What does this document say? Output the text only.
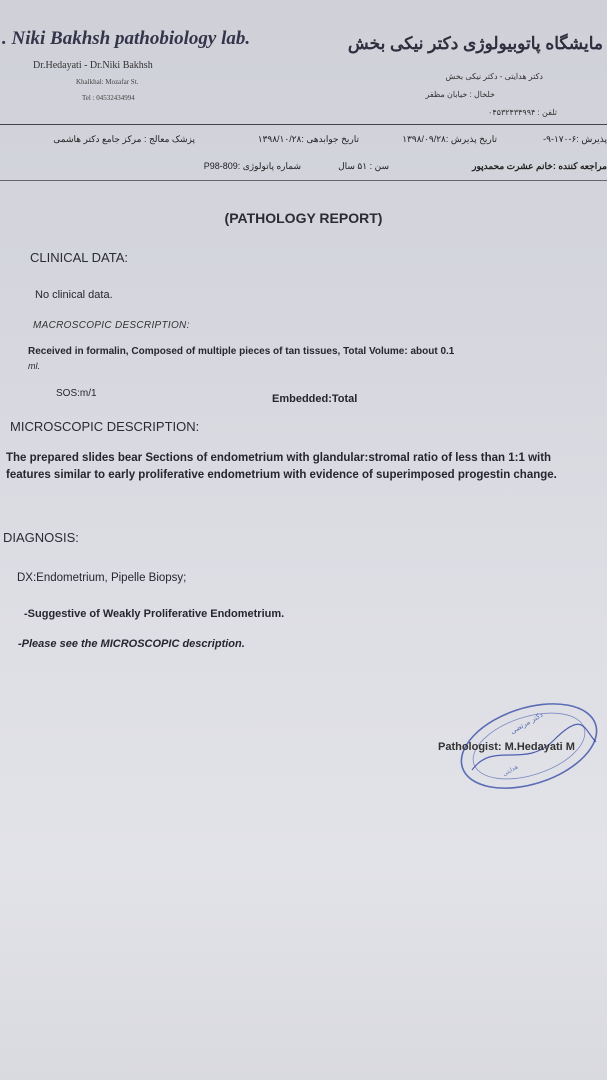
. Niki Bakhsh pathobiology lab.
Dr.Hedayati - Dr.Niki Bakhsh
Khalkhal: Mozafar St.
Tel : 04532434994
مایشگاه پاتوبیولوژی دکتر نیکی بخش
دکتر هدایتی - دکتر نیکی بخش
خلخال : خیابان مظفر
تلفن : ۰۴۵۳۲۴۳۴۹۹۴
پذیرش :۶-۱۷۰-۹-
تاریخ پذیرش :۱۳۹۸/۰۹/۲۸
تاریخ جوابدهی :۱۳۹۸/۱۰/۲۸
پزشک معالج : مرکز جامع دکتر هاشمی
مراجعه کننده :خانم عشرت محمدپور
سن : ۵۱ سال
شماره پاتولوژی :P98-809
(PATHOLOGY REPORT)
CLINICAL DATA:
No clinical data.
MACROSCOPIC DESCRIPTION:
Received in formalin, Composed of multiple pieces of tan tissues, Total Volume: about 0.1
ml.
SOS:m/1	Embedded:Total
MICROSCOPIC DESCRIPTION:
The prepared slides bear Sections of endometrium with glandular:stromal ratio of less than 1:1 with features similar to early proliferative endometrium with evidence of superimposed progestin change.
DIAGNOSIS:
DX:Endometrium, Pipelle Biopsy;
-Suggestive of Weakly Proliferative Endometrium.
-Please see the MICROSCOPIC description.
دکتر مرتضی
هدایتی
Pathologist: M.Hedayati M
